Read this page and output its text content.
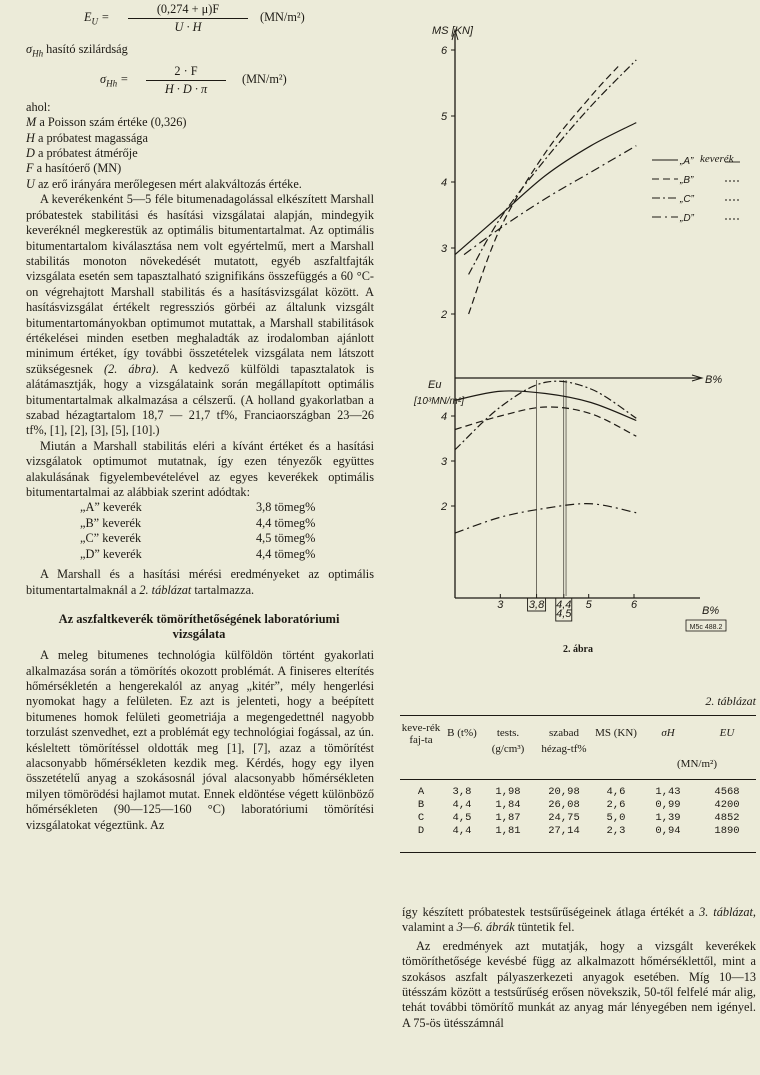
$E_U = \frac{(0,274 + \mu)F}{U \cdot H} (MN/m^2)$

$\sigma_{Hh}$ hasító szilárdság

$\sigma_{Hh} = \frac{2 \cdot F}{H \cdot D \cdot \pi} (MN/m^2)$

ahol:

M a Poisson szám értéke (0,326)

H a próbatest magassága

D a próbatest átmérője

F a hasítóerő (MN)

U az erő irányára merőlegesen mért alakváltozás értéke.

A keverékenként 5—5 féle bitumenadagolással elkészített Marshall próbatestek stabilitási és hasítási vizsgálatai alapján, mindegyik keveréknél megkerestük az optimális bitumentartalmat. Az optimális bitumentartalom kiválasztása nem volt egyértelmű, mert a Marshall stabilitás monoton növekedését mutatott, egyéb aszfaltfajták vizsgálata esetén sem tapasztalható szignifikáns összefüggés a 60 °C-on végrehajtott Marshall stabilitás és a hasításvizsgálat között. A hasításvizsgálat értékelt regressziós görbéi az általunk vizsgált bitumentartományokban optimumot mutattak, a Marshall stabilitások értékelései minden esetben meghaladták az irodalomban ajánlott minimum értéket, így további összetételek vizsgálata nem látszott szükségesnek (2. ábra). A kedvező külföldi tapasztalatok is alátámasztják, hogy a vizsgálataink során megállapított optimális bitumentartalmak alkalmazása a célszerű. (A holland gyakorlatban a szabad hézagtartalom 18,7 — 21,7 tf%, Franciaországban 23—26 tf%, [1], [2], [3], [5], [10].)

Miután a Marshall stabilitás eléri a kívánt értéket és a hasítási vizsgálatok optimumot mutatnak, így ezen tényezők együttes alakulásának figyelembevételével az egyes keverékek optimális bitumentartalmai az alábbiak szerint adódtak:

„A” keverék	3,8 tömeg%
„B” keverék	4,4 tömeg%
„C” keverék	4,5 tömeg%
„D” keverék	4,4 tömeg%

A Marshall és a hasítási mérési eredményeket az optimális bitumentartalmaknál a 2. táblázat tartalmazza.

Az aszfaltkeverék tömöríthetőségének laboratóriumi vizsgálata

A meleg bitumenes technológia külföldön történt gyakorlati alkalmazása során a tömörítés okozott problémát. A finiseres elterítés hőmérsékletén a hengerekalól az anyag „kitér”, mély hengerlési nyomokat hagy a felületen. Ez azt is jelenteti, hogy a beépített bitumenes homok felületi geometriája a megengedettnél nagyobb torzulást szenvedhet, ezt a problémát egy technológiai fogással, az ún. késleltett tömörítéssel oldották meg [1], [7], azaz a tömörítést alacsonyabb hőmérsékleten kezdik meg. Kérdés, hogy egy ilyen összetételű anyag a szokásosnál jóval alacsonyabb hőmérsékleten milyen tömörödési hajlamot mutat. Ennek eldöntése végett különböző hőmérsékleten (90—125—160 °C) laboratóriumi tömörítési vizsgálatokat végeztünk. Az

MS [KN]
B%
2
3
4
5
6
Eu
[10³MN/m²]
2
3
4
3 3,8 4,4
4,5
5	6	B%
M5c 488.2
2. ábra
keverék
„A”
„B”
„C”
„D”
2. táblázat
keve-rék faj-ta	B (t%)	tests. (g/cm³)	szabad hézag-tf%	MS (KN)	σH	EU
					(MN/m²)	
A	3,8	1,98	20,98	4,6	1,43	4568
B	4,4	1,84	26,08	2,6	0,99	4200
C	4,5	1,87	24,75	5,0	1,39	4852
D	4,4	1,81	27,14	2,3	0,94	1890

így készített próbatestek testsűrűségeinek átlaga értékét a 3. táblázat, valamint a 3—6. ábrák tüntetik fel.

Az eredmények azt mutatják, hogy a vizsgált keverékek tömöríthetősége kevésbé függ az alkalmazott hőmérséklettől, mint a szokásos aszfalt pályaszerkezeti anyagok esetében. Míg 10—13 ütésszám között a testsűrűség erősen növekszik, 50-től felfelé már alig, tehát további tömörítő munkát az anyag már lényegében nem igényel. A 75-ös ütésszámnál
